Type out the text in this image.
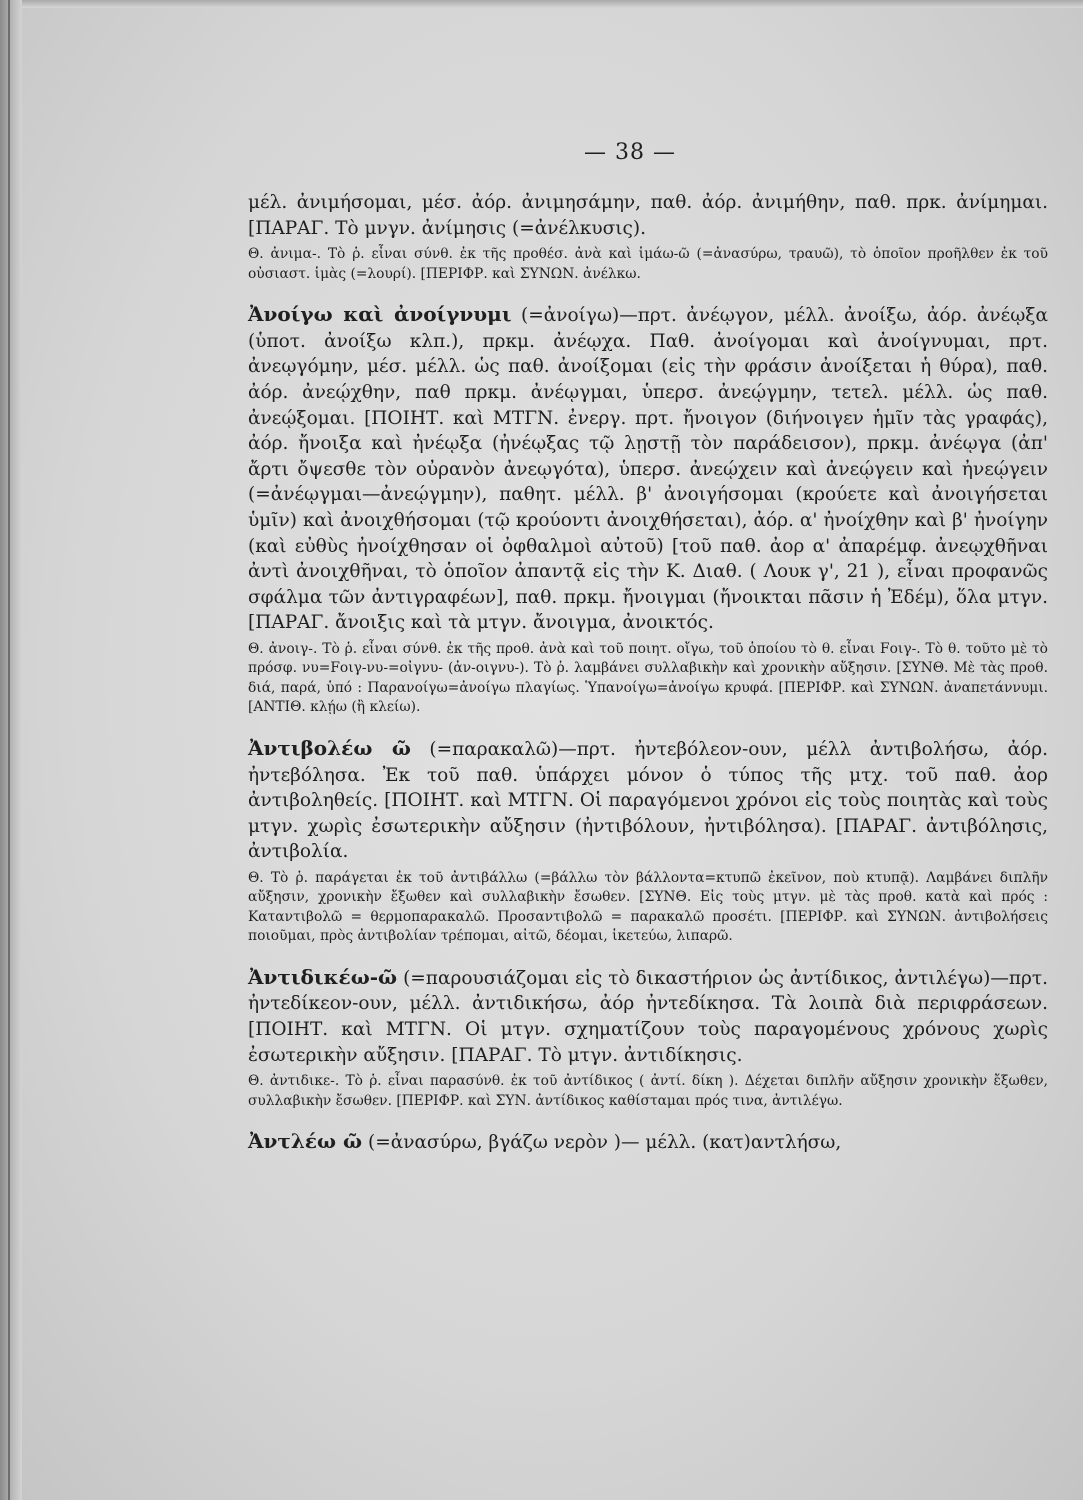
— 38 —

μέλ. ἀνιμήσομαι, μέσ. ἀόρ. ἀνιμησάμην, παθ. ἀόρ. ἀνιμήθην, παθ. πρκ. ἀνίμημαι. [ΠΑΡΑΓ. Τὸ μνγν. ἀνίμησις (=ἀνέλκυσις).

Θ. ἀνιμα-. Τὸ ῥ. εἶναι σύνθ. ἐκ τῆς προθέσ. ἀνὰ καὶ ἱμάω-ῶ (=ἀνασύρω, τραυῶ), τὸ ὁποῖον προῆλθεν ἐκ τοῦ οὐσιαστ. ἱμὰς (=λουρί). [ΠΕΡΙΦΡ. καὶ ΣΥΝΩΝ. ἀνέλκω.

Ἀνοίγω καὶ ἀνοίγνυμι (=ἀνοίγω)—πρτ. ἀνέῳγον, μέλλ. ἀνοίξω, ἀόρ. ἀνέῳξα (ὑποτ. ἀνοίξω κλπ.), πρκμ. ἀνέῳχα. Παθ. ἀνοίγομαι καὶ ἀνοίγνυμαι, πρτ. ἀνεῳγόμην, μέσ. μέλλ. ὡς παθ. ἀνοίξομαι (εἰς τὴν φράσιν ἀνοίξεται ἡ θύρα), παθ. ἀόρ. ἀνεῴχθην, παθ πρκμ. ἀνέῳγμαι, ὑπερσ. ἀνεῴγμην, τετελ. μέλλ. ὡς παθ. ἀνεῴξομαι. [ΠΟΙΗΤ. καὶ ΜΤΓΝ. ἐνεργ. πρτ. ἤνοιγον (διήνοιγεν ἡμῖν τὰς γραφάς), ἀόρ. ἤνοιξα καὶ ἠνέῳξα (ἠνέῳξας τῷ λῃστῇ τὸν παράδεισον), πρκμ. ἀνέῳγα (ἀπ' ἄρτι ὄψεσθε τὸν οὐρανὸν ἀνεῳγότα), ὑπερσ. ἀνεῴχειν καὶ ἀνεῴγειν καὶ ἠνεῴγειν (=ἀνέῳγμαι—ἀνεῴγμην), παθητ. μέλλ. β' ἀνοιγήσομαι (κρούετε καὶ ἀνοιγήσεται ὑμῖν) καὶ ἀνοιχθήσομαι (τῷ κρούοντι ἀνοιχθήσεται), ἀόρ. α' ἠνοίχθην καὶ β' ἠνοίγην (καὶ εὐθὺς ἠνοίχθησαν οἱ ὀφθαλμοὶ αὐτοῦ) [τοῦ παθ. ἀορ α' ἀπαρέμφ. ἀνεῳχθῆναι ἀντὶ ἀνοιχθῆναι, τὸ ὁποῖον ἀπαντᾷ εἰς τὴν Κ. Διαθ. ( Λουκ γ', 21 ), εἶναι προφανῶς σφάλμα τῶν ἀντιγραφέων], παθ. πρκμ. ἤνοιγμαι (ἤνοικται πᾶσιν ἡ Ἐδέμ), ὅλα μτγν. [ΠΑΡΑΓ. ἄνοιξις καὶ τὰ μτγν. ἄνοιγμα, ἀνοικτός.

Θ. ἀνοιγ-. Τὸ ῥ. εἶναι σύνθ. ἐκ τῆς προθ. ἀνὰ καὶ τοῦ ποιητ. οἴγω, τοῦ ὁποίου τὸ θ. εἶναι Fοιγ-. Τὸ θ. τοῦτο μὲ τὸ πρόσφ. νυ=Fοιγ-νυ-=οἰγνυ- (ἀν-οιγνυ-). Τὸ ῥ. λαμβάνει συλλαβικὴν καὶ χρονικὴν αὔξησιν. [ΣΥΝΘ. Μὲ τὰς προθ. διά, παρά, ὑπό : Παρανοίγω=ἀνοίγω πλαγίως. Ὑπανοίγω=ἀνοίγω κρυφά. [ΠΕΡΙΦΡ. καὶ ΣΥΝΩΝ. ἀναπετάννυμι. [ΑΝΤΙΘ. κλῄω (ἢ κλείω).

Ἀντιβολέω ῶ (=παρακαλῶ)—πρτ. ἠντεβόλεον-ουν, μέλλ ἀντιβολήσω, ἀόρ. ἠντεβόλησα. Ἐκ τοῦ παθ. ὑπάρχει μόνον ὁ τύπος τῆς μτχ. τοῦ παθ. ἀορ ἀντιβοληθείς. [ΠΟΙΗΤ. καὶ ΜΤΓΝ. Οἱ παραγόμενοι χρόνοι εἰς τοὺς ποιητὰς καὶ τοὺς μτγν. χωρὶς ἐσωτερικὴν αὔξησιν (ἠντιβόλουν, ἠντιβόλησα). [ΠΑΡΑΓ. ἀντιβόλησις, ἀντιβολία.

Θ. Τὸ ῥ. παράγεται ἐκ τοῦ ἀντιβάλλω (=βάλλω τὸν βάλλοντα=κτυπῶ ἐκεῖνον, ποὺ κτυπᾷ). Λαμβάνει διπλῆν αὔξησιν, χρονικὴν ἔξωθεν καὶ συλλαβικὴν ἔσωθεν. [ΣΥΝΘ. Εἰς τοὺς μτγν. μὲ τὰς προθ. κατὰ καὶ πρός : Καταντιβολῶ = θερμοπαρακαλῶ. Προσαντιβολῶ = παρακαλῶ προσέτι. [ΠΕΡΙΦΡ. καὶ ΣΥΝΩΝ. ἀντιβολήσεις ποιοῦμαι, πρὸς ἀντιβολίαν τρέπομαι, αἰτῶ, δέομαι, ἱκετεύω, λιπαρῶ.

Ἀντιδικέω-ῶ (=παρουσιάζομαι εἰς τὸ δικαστήριον ὡς ἀντίδικος, ἀντιλέγω)—πρτ. ἠντεδίκεον-ουν, μέλλ. ἀντιδικήσω, ἀόρ ἠντεδίκησα. Τὰ λοιπὰ διὰ περιφράσεων. [ΠΟΙΗΤ. καὶ ΜΤΓΝ. Οἱ μτγν. σχηματίζουν τοὺς παραγομένους χρόνους χωρὶς ἐσωτερικὴν αὔξησιν. [ΠΑΡΑΓ. Τὸ μτγν. ἀντιδίκησις.

Θ. ἀντιδικε-. Τὸ ῥ. εἶναι παρασύνθ. ἐκ τοῦ ἀντίδικος ( ἀντί. δίκη ). Δέχεται διπλῆν αὔξησιν χρονικὴν ἔξωθεν, συλλαβικὴν ἔσωθεν. [ΠΕΡΙΦΡ. καὶ ΣΥΝ. ἀντίδικος καθίσταμαι πρός τινα, ἀντιλέγω.

Ἀντλέω ῶ (=ἀνασύρω, βγάζω νερὸν )— μέλλ. (κατ)αντλήσω,
